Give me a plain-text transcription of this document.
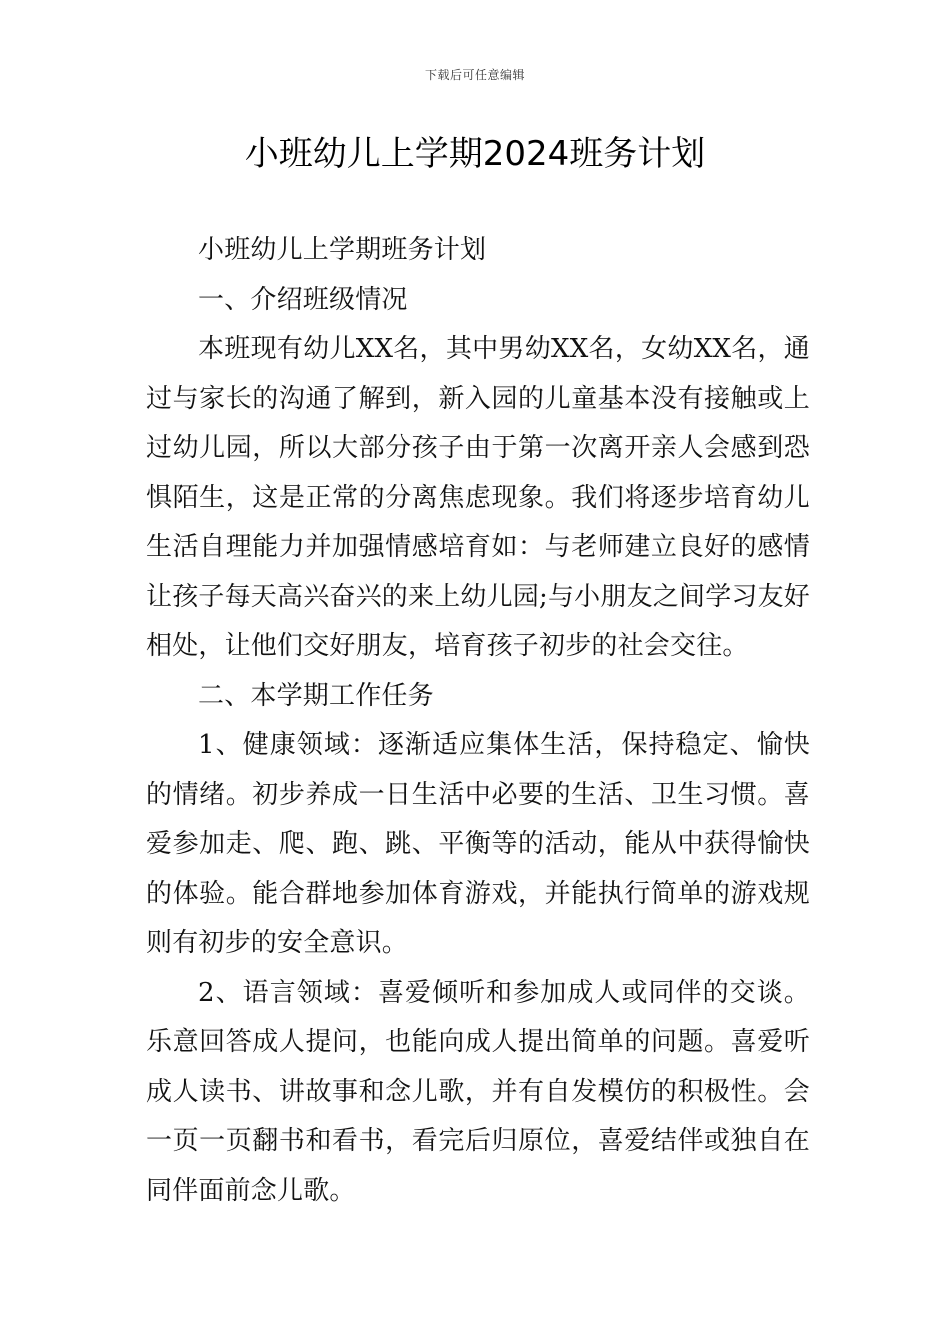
下载后可任意编辑
小班幼儿上学期2024班务计划

小班幼儿上学期班务计划

一、介绍班级情况

本班现有幼儿XX名，其中男幼XX名，女幼XX名，通过与家长的沟通了解到，新入园的儿童基本没有接触或上过幼儿园，所以大部分孩子由于第一次离开亲人会感到恐惧陌生，这是正常的分离焦虑现象。我们将逐步培育幼儿生活自理能力并加强情感培育如：与老师建立良好的感情让孩子每天高兴奋兴的来上幼儿园;与小朋友之间学习友好相处，让他们交好朋友，培育孩子初步的社会交往。

二、本学期工作任务

1、健康领域：逐渐适应集体生活，保持稳定、愉快的情绪。初步养成一日生活中必要的生活、卫生习惯。喜爱参加走、爬、跑、跳、平衡等的活动，能从中获得愉快的体验。能合群地参加体育游戏，并能执行简单的游戏规则有初步的安全意识。

2、语言领域：喜爱倾听和参加成人或同伴的交谈。乐意回答成人提问，也能向成人提出简单的问题。喜爱听成人读书、讲故事和念儿歌，并有自发模仿的积极性。会一页一页翻书和看书，看完后归原位，喜爱结伴或独自在同伴面前念儿歌。
